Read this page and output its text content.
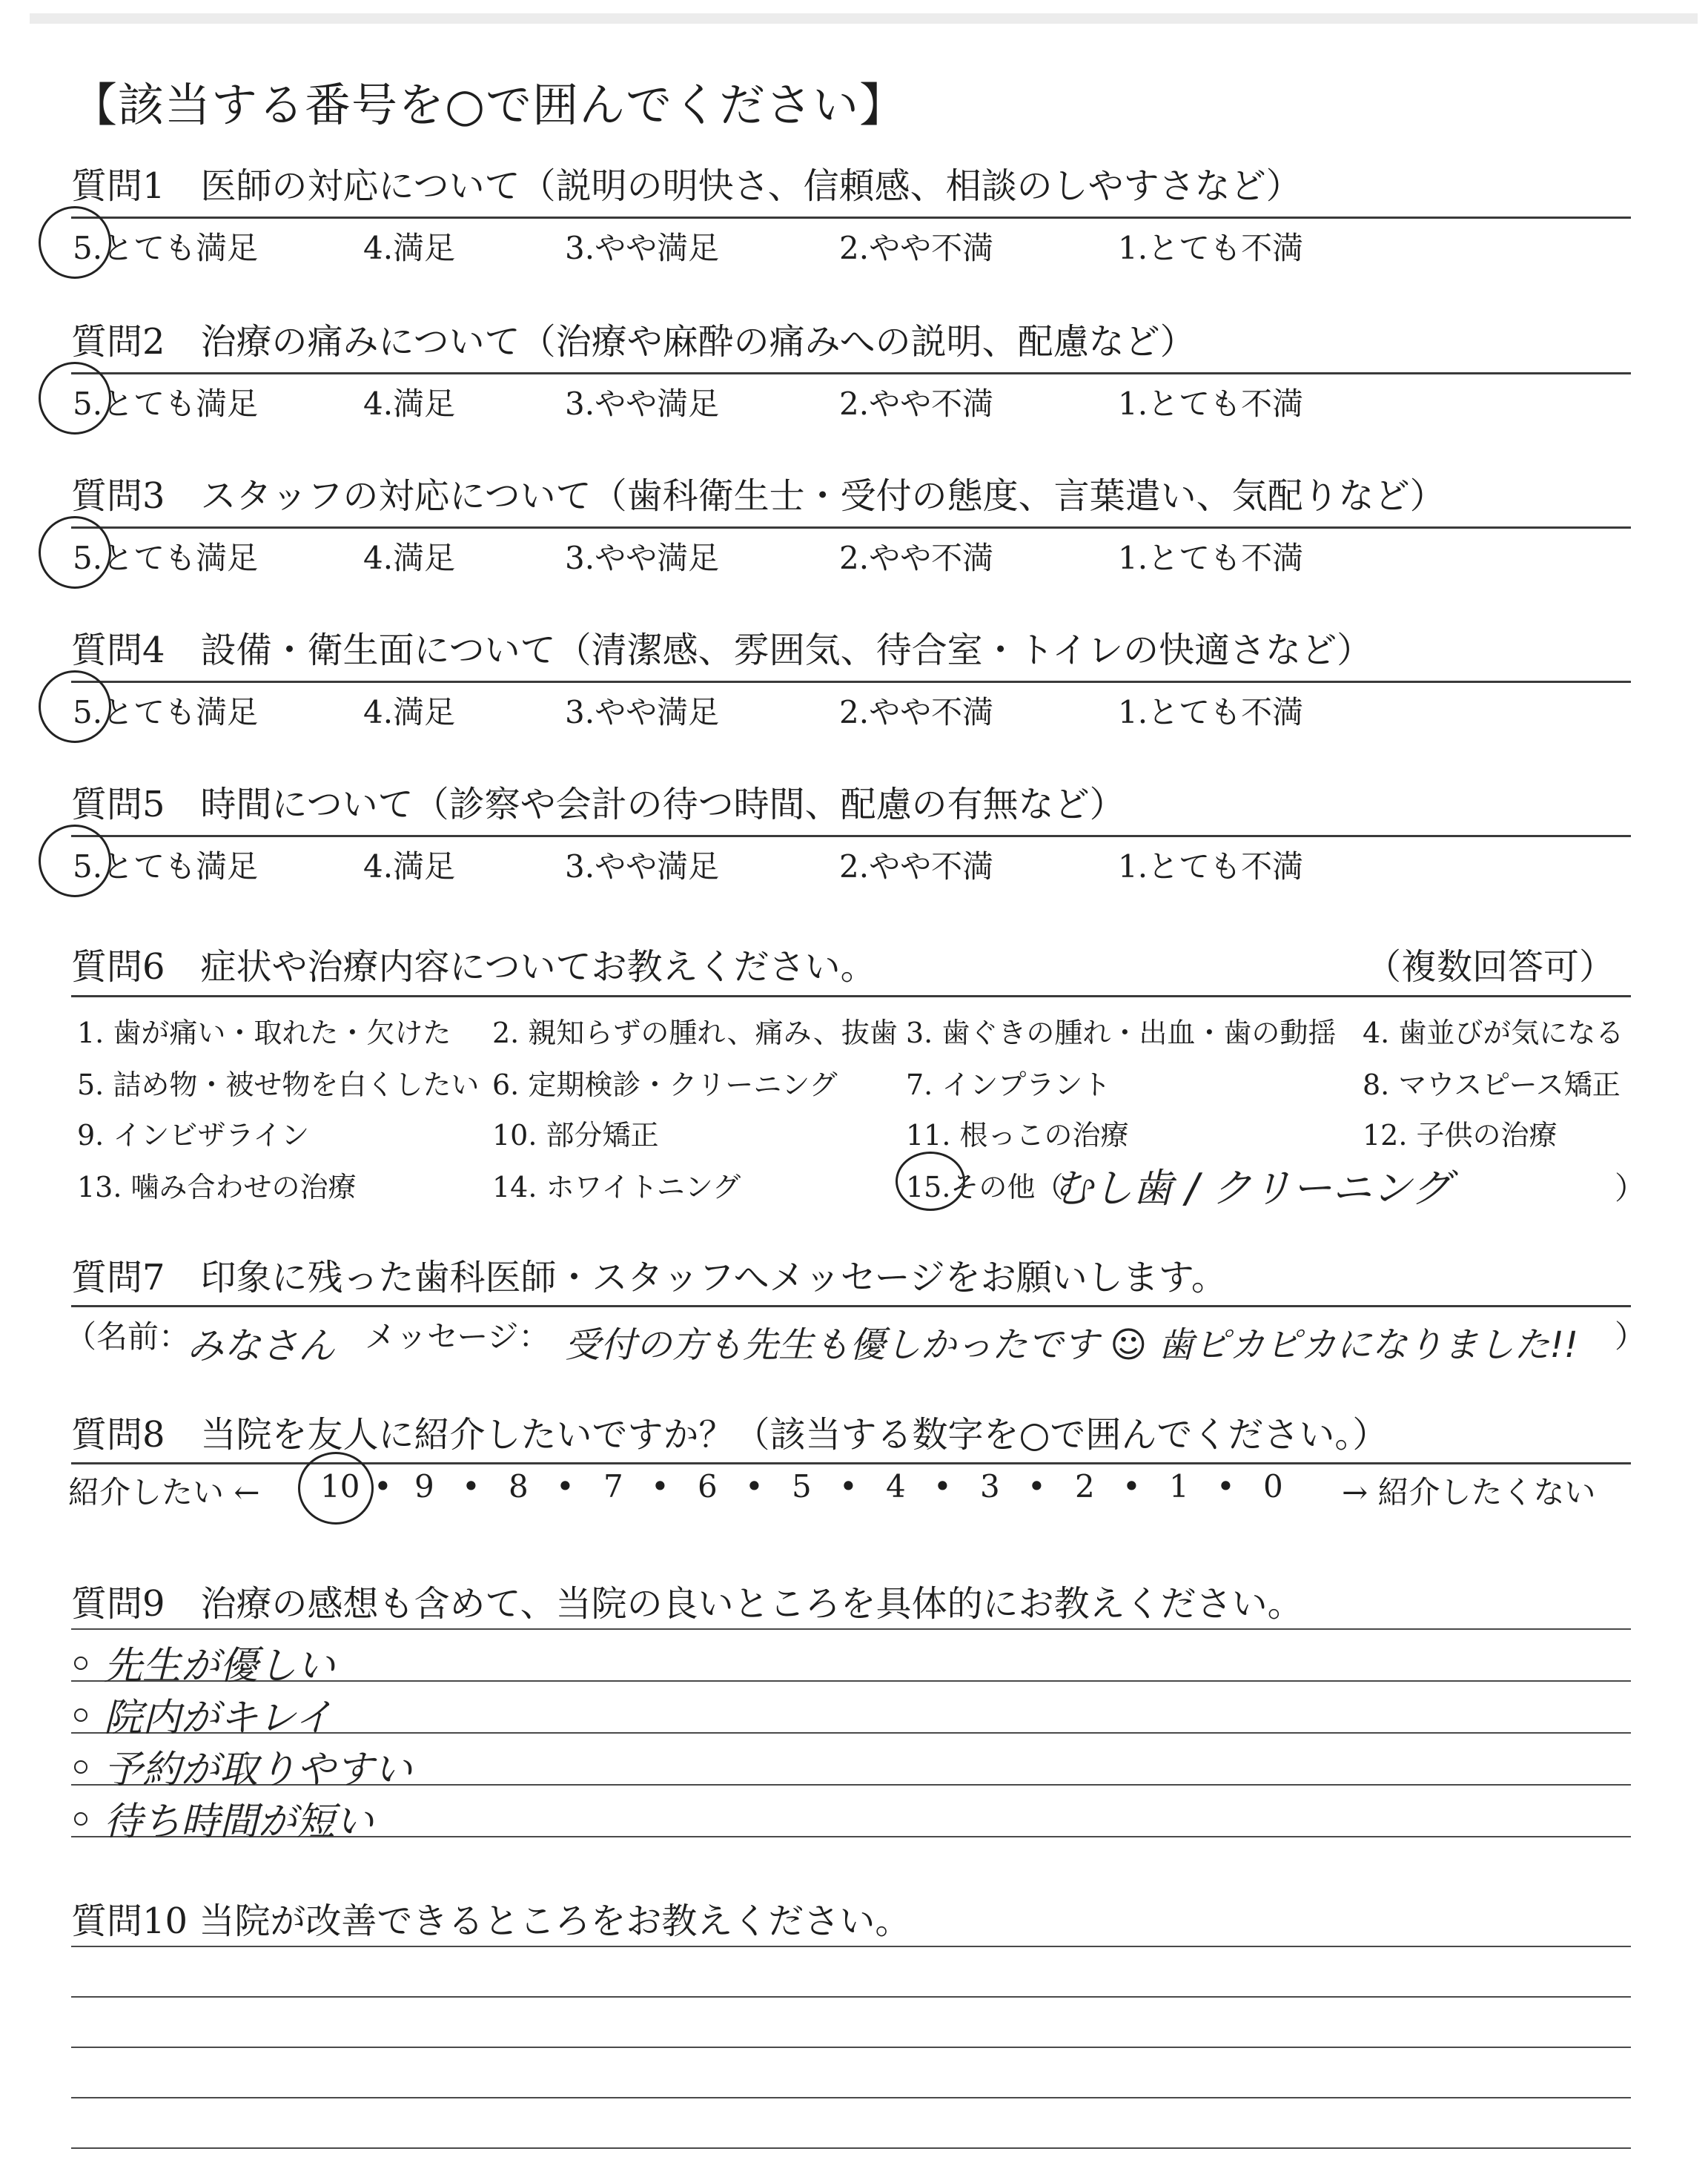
【該当する番号を○で囲んでください】
質問1　医師の対応について（説明の明快さ、信頼感、相談のしやすさなど）
5.とても満足	4.満足	3.やや満足	2.やや不満	1.とても不満
質問2　治療の痛みについて（治療や麻酔の痛みへの説明、配慮など）
5.とても満足	4.満足	3.やや満足	2.やや不満	1.とても不満
質問3　スタッフの対応について（歯科衛生士・受付の態度、言葉遣い、気配りなど）
5.とても満足	4.満足	3.やや満足	2.やや不満	1.とても不満
質問4　設備・衛生面について（清潔感、雰囲気、待合室・トイレの快適さなど）
5.とても満足	4.満足	3.やや満足	2.やや不満	1.とても不満
質問5　時間について（診察や会計の待つ時間、配慮の有無など）
5.とても満足	4.満足	3.やや満足	2.やや不満	1.とても不満
質問6　症状や治療内容についてお教えください。	（複数回答可）
1. 歯が痛い・取れた・欠けた 2. 親知らずの腫れ、痛み、抜歯 3. 歯ぐきの腫れ・出血・歯の動揺 4. 歯並びが気になる
5. 詰め物・被せ物を白くしたい 6. 定期検診・クリーニング 7. インプラント	8. マウスピース矯正
9. インビザライン	10. 部分矯正	11. 根っこの治療	12. 子供の治療
13. 噛み合わせの治療	14. ホワイトニング	15.その他（
むし歯 / クリーニング	）
質問7　印象に残った歯科医師・スタッフへメッセージをお願いします。
（名前：
みなさん メッセージ： 受付の方も先生も優しかったです ☺ 歯ピカピカになりました!! ）
質問8　当院を友人に紹介したいですか？（該当する数字を○で囲んでください。）
紹介したい ←	→ 紹介したくない
10 • 9 • 8 • 7 • 6 • 5 • 4 • 3 • 2 • 1 • 0
質問9　治療の感想も含めて、当院の良いところを具体的にお教えください。
先生が優しい
院内がキレイ
予約が取りやすい
待ち時間が短い
質問10 当院が改善できるところをお教えください。
